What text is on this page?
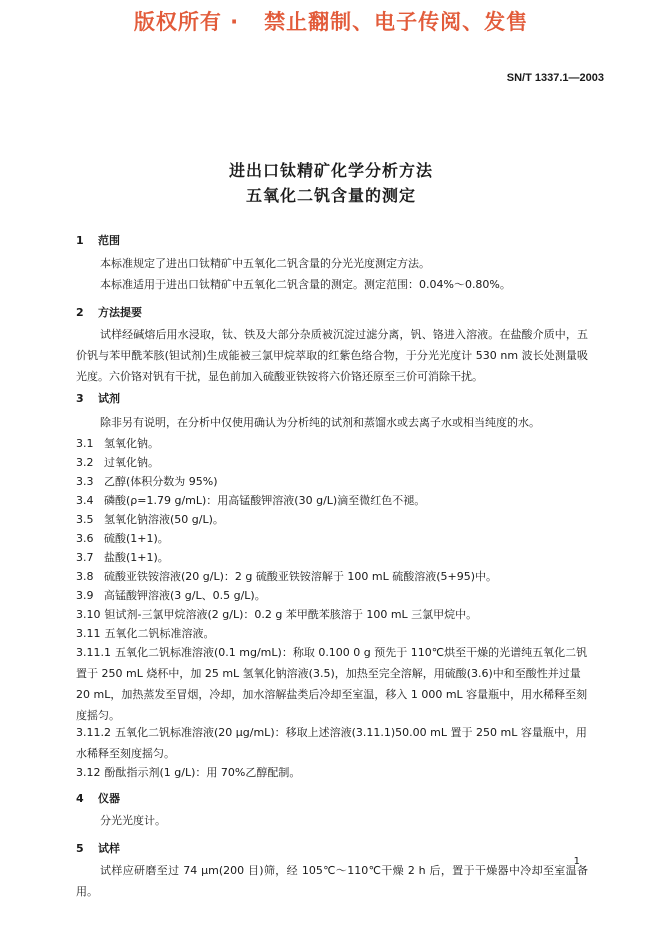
版权所有 ·   禁止翻制、电子传阅、发售
SN/T 1337.1—2003
进出口钛精矿化学分析方法
五氧化二钒含量的测定
1 范围
本标准规定了进出口钛精矿中五氧化二钒含量的分光光度测定方法。
本标准适用于进出口钛精矿中五氧化二钒含量的测定。测定范围：0.04%～0.80%。
2 方法提要
试样经碱熔后用水浸取，钛、铁及大部分杂质被沉淀过滤分离，钒、铬进入溶液。在盐酸介质中，五价钒与苯甲酰苯胲(钽试剂)生成能被三氯甲烷萃取的红紫色络合物，于分光光度计 530 nm 波长处测量吸光度。六价铬对钒有干扰，显色前加入硫酸亚铁铵将六价铬还原至三价可消除干扰。
3 试剂
除非另有说明，在分析中仅使用确认为分析纯的试剂和蒸馏水或去离子水或相当纯度的水。
3.1 氢氧化钠。
3.2 过氧化钠。
3.3 乙醇(体积分数为 95%)
3.4 磷酸(ρ=1.79 g/mL)：用高锰酸钾溶液(30 g/L)滴至微红色不褪。
3.5 氢氧化钠溶液(50 g/L)。
3.6 硫酸(1+1)。
3.7 盐酸(1+1)。
3.8 硫酸亚铁铵溶液(20 g/L)：2 g 硫酸亚铁铵溶解于 100 mL 硫酸溶液(5+95)中。
3.9 高锰酸钾溶液(3 g/L、0.5 g/L)。
3.10 钽试剂-三氯甲烷溶液(2 g/L)：0.2 g 苯甲酰苯胲溶于 100 mL 三氯甲烷中。
3.11 五氧化二钒标准溶液。
3.11.1 五氧化二钒标准溶液(0.1 mg/mL)：称取 0.100 0 g 预先于 110℃烘至干燥的光谱纯五氧化二钒置于 250 mL 烧杯中，加 25 mL 氢氧化钠溶液(3.5)，加热至完全溶解，用硫酸(3.6)中和至酸性并过量 20 mL，加热蒸发至冒烟，冷却，加水溶解盐类后冷却至室温，移入 1 000 mL 容量瓶中，用水稀释至刻度摇匀。
3.11.2 五氧化二钒标准溶液(20 μg/mL)：移取上述溶液(3.11.1)50.00 mL 置于 250 mL 容量瓶中，用水稀释至刻度摇匀。
3.12 酚酞指示剂(1 g/L)：用 70%乙醇配制。
4 仪器
分光光度计。
5 试样
试样应研磨至过 74 μm(200 目)筛，经 105℃～110℃干燥 2 h 后，置于干燥器中冷却至室温备用。
1
